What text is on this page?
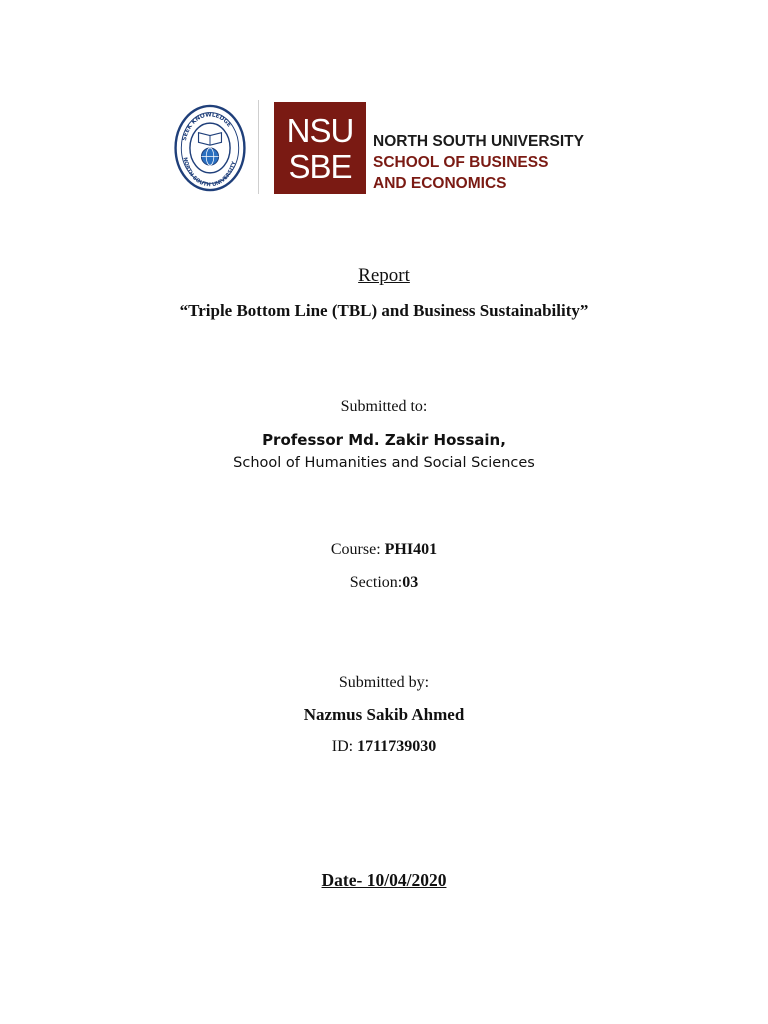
SEEK KNOWLEDGE
NORTH SOUTH UNIVERSITY
NSU
SBE
NORTH SOUTH UNIVERSITY
SCHOOL OF BUSINESS
AND ECONOMICS
Report
“Triple Bottom Line (TBL) and Business Sustainability”
Submitted to:
Professor Md. Zakir Hossain,
School of Humanities and Social Sciences
Course: PHI401
Section:03
Submitted by:
Nazmus Sakib Ahmed
ID: 1711739030
Date- 10/04/2020
